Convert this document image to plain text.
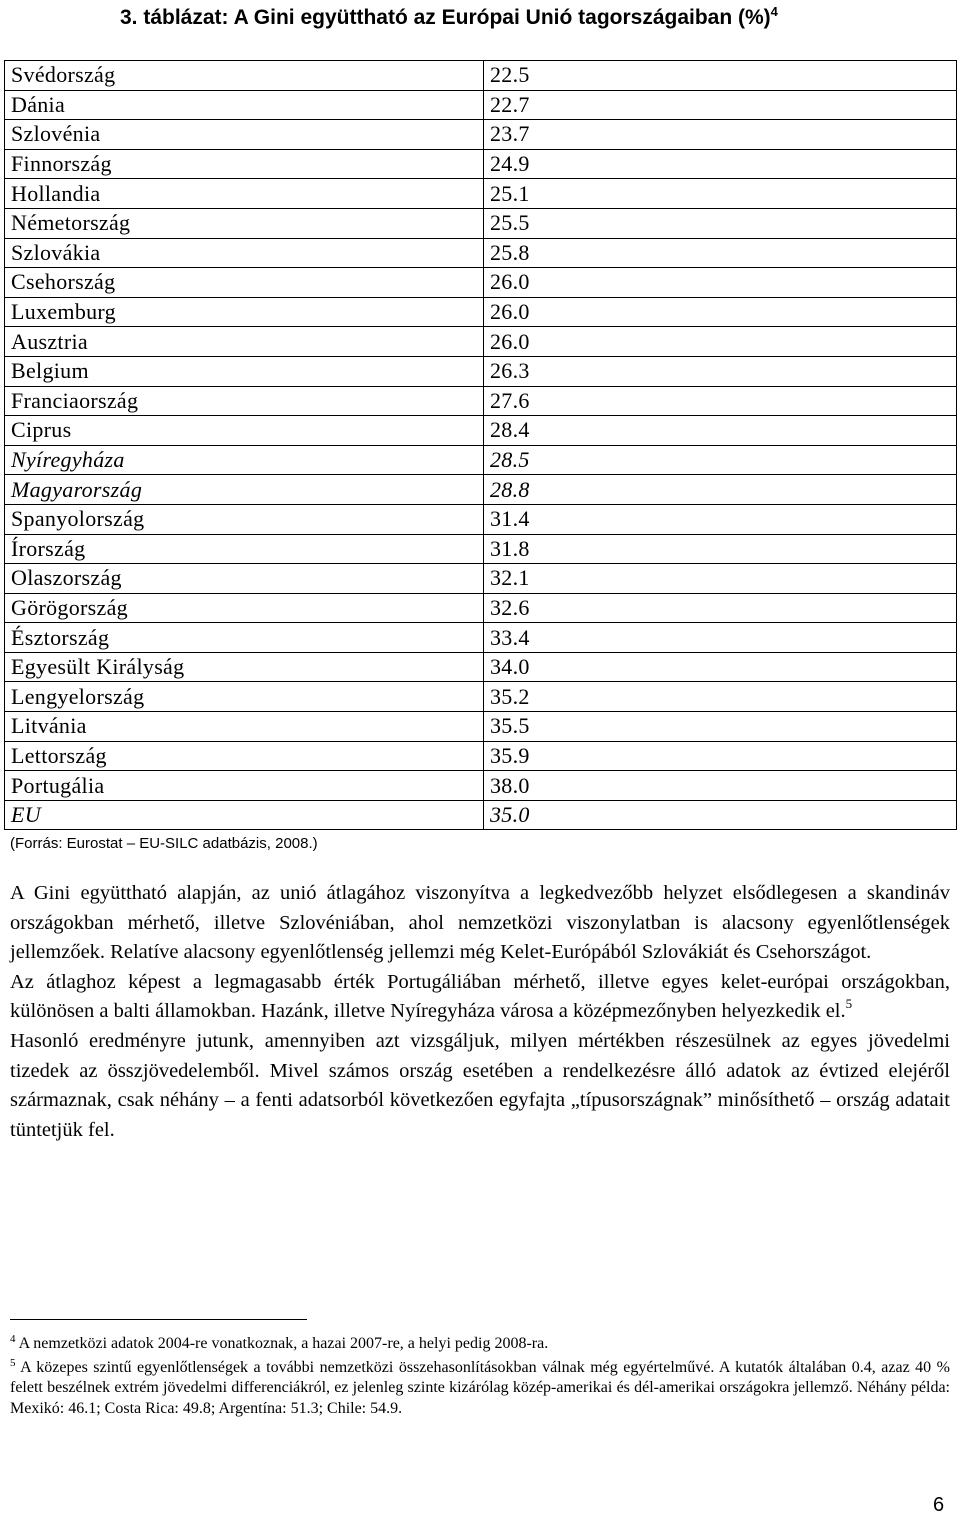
3. táblázat: A Gini együttható az Európai Unió tagországaiban (%)$^4$
Svédország	22.5
Dánia	22.7
Szlovénia	23.7
Finnország	24.9
Hollandia	25.1
Németország	25.5
Szlovákia	25.8
Csehország	26.0
Luxemburg	26.0
Ausztria	26.0
Belgium	26.3
Franciaország	27.6
Ciprus	28.4
Nyíregyháza	28.5
Magyarország	28.8
Spanyolország	31.4
Írország	31.8
Olaszország	32.1
Görögország	32.6
Észtország	33.4
Egyesült Királyság	34.0
Lengyelország	35.2
Litvánia	35.5
Lettország	35.9
Portugália	38.0
EU	35.0
(Forrás: Eurostat – EU-SILC adatbázis, 2008.)

A Gini együttható alapján, az unió átlagához viszonyítva a legkedvezőbb helyzet elsődlegesen a skandináv országokban mérhető, illetve Szlovéniában, ahol nemzetközi viszonylatban is alacsony egyenlőtlenségek jellemzőek. Relatíve alacsony egyenlőtlenség jellemzi még Kelet-Európából Szlovákiát és Csehországot.

Az átlaghoz képest a legmagasabb érték Portugáliában mérhető, illetve egyes kelet-európai országokban, különösen a balti államokban. Hazánk, illetve Nyíregyháza városa a középmezőnyben helyezkedik el.$^5$

Hasonló eredményre jutunk, amennyiben azt vizsgáljuk, milyen mértékben részesülnek az egyes jövedelmi tizedek az összjövedelemből. Mivel számos ország esetében a rendelkezésre álló adatok az évtized elejéről származnak, csak néhány – a fenti adatsorból következően egyfajta „típusországnak” minősíthető – ország adatait tüntetjük fel.

$^4$ A nemzetközi adatok 2004-re vonatkoznak, a hazai 2007-re, a helyi pedig 2008-ra.

$^5$ A közepes szintű egyenlőtlenségek a további nemzetközi összehasonlításokban válnak még egyértelművé. A kutatók általában 0.4, azaz 40 % felett beszélnek extrém jövedelmi differenciákról, ez jelenleg szinte kizárólag közép-amerikai és dél-amerikai országokra jellemző. Néhány példa: Mexikó: 46.1; Costa Rica: 49.8; Argentína: 51.3; Chile: 54.9.

6
